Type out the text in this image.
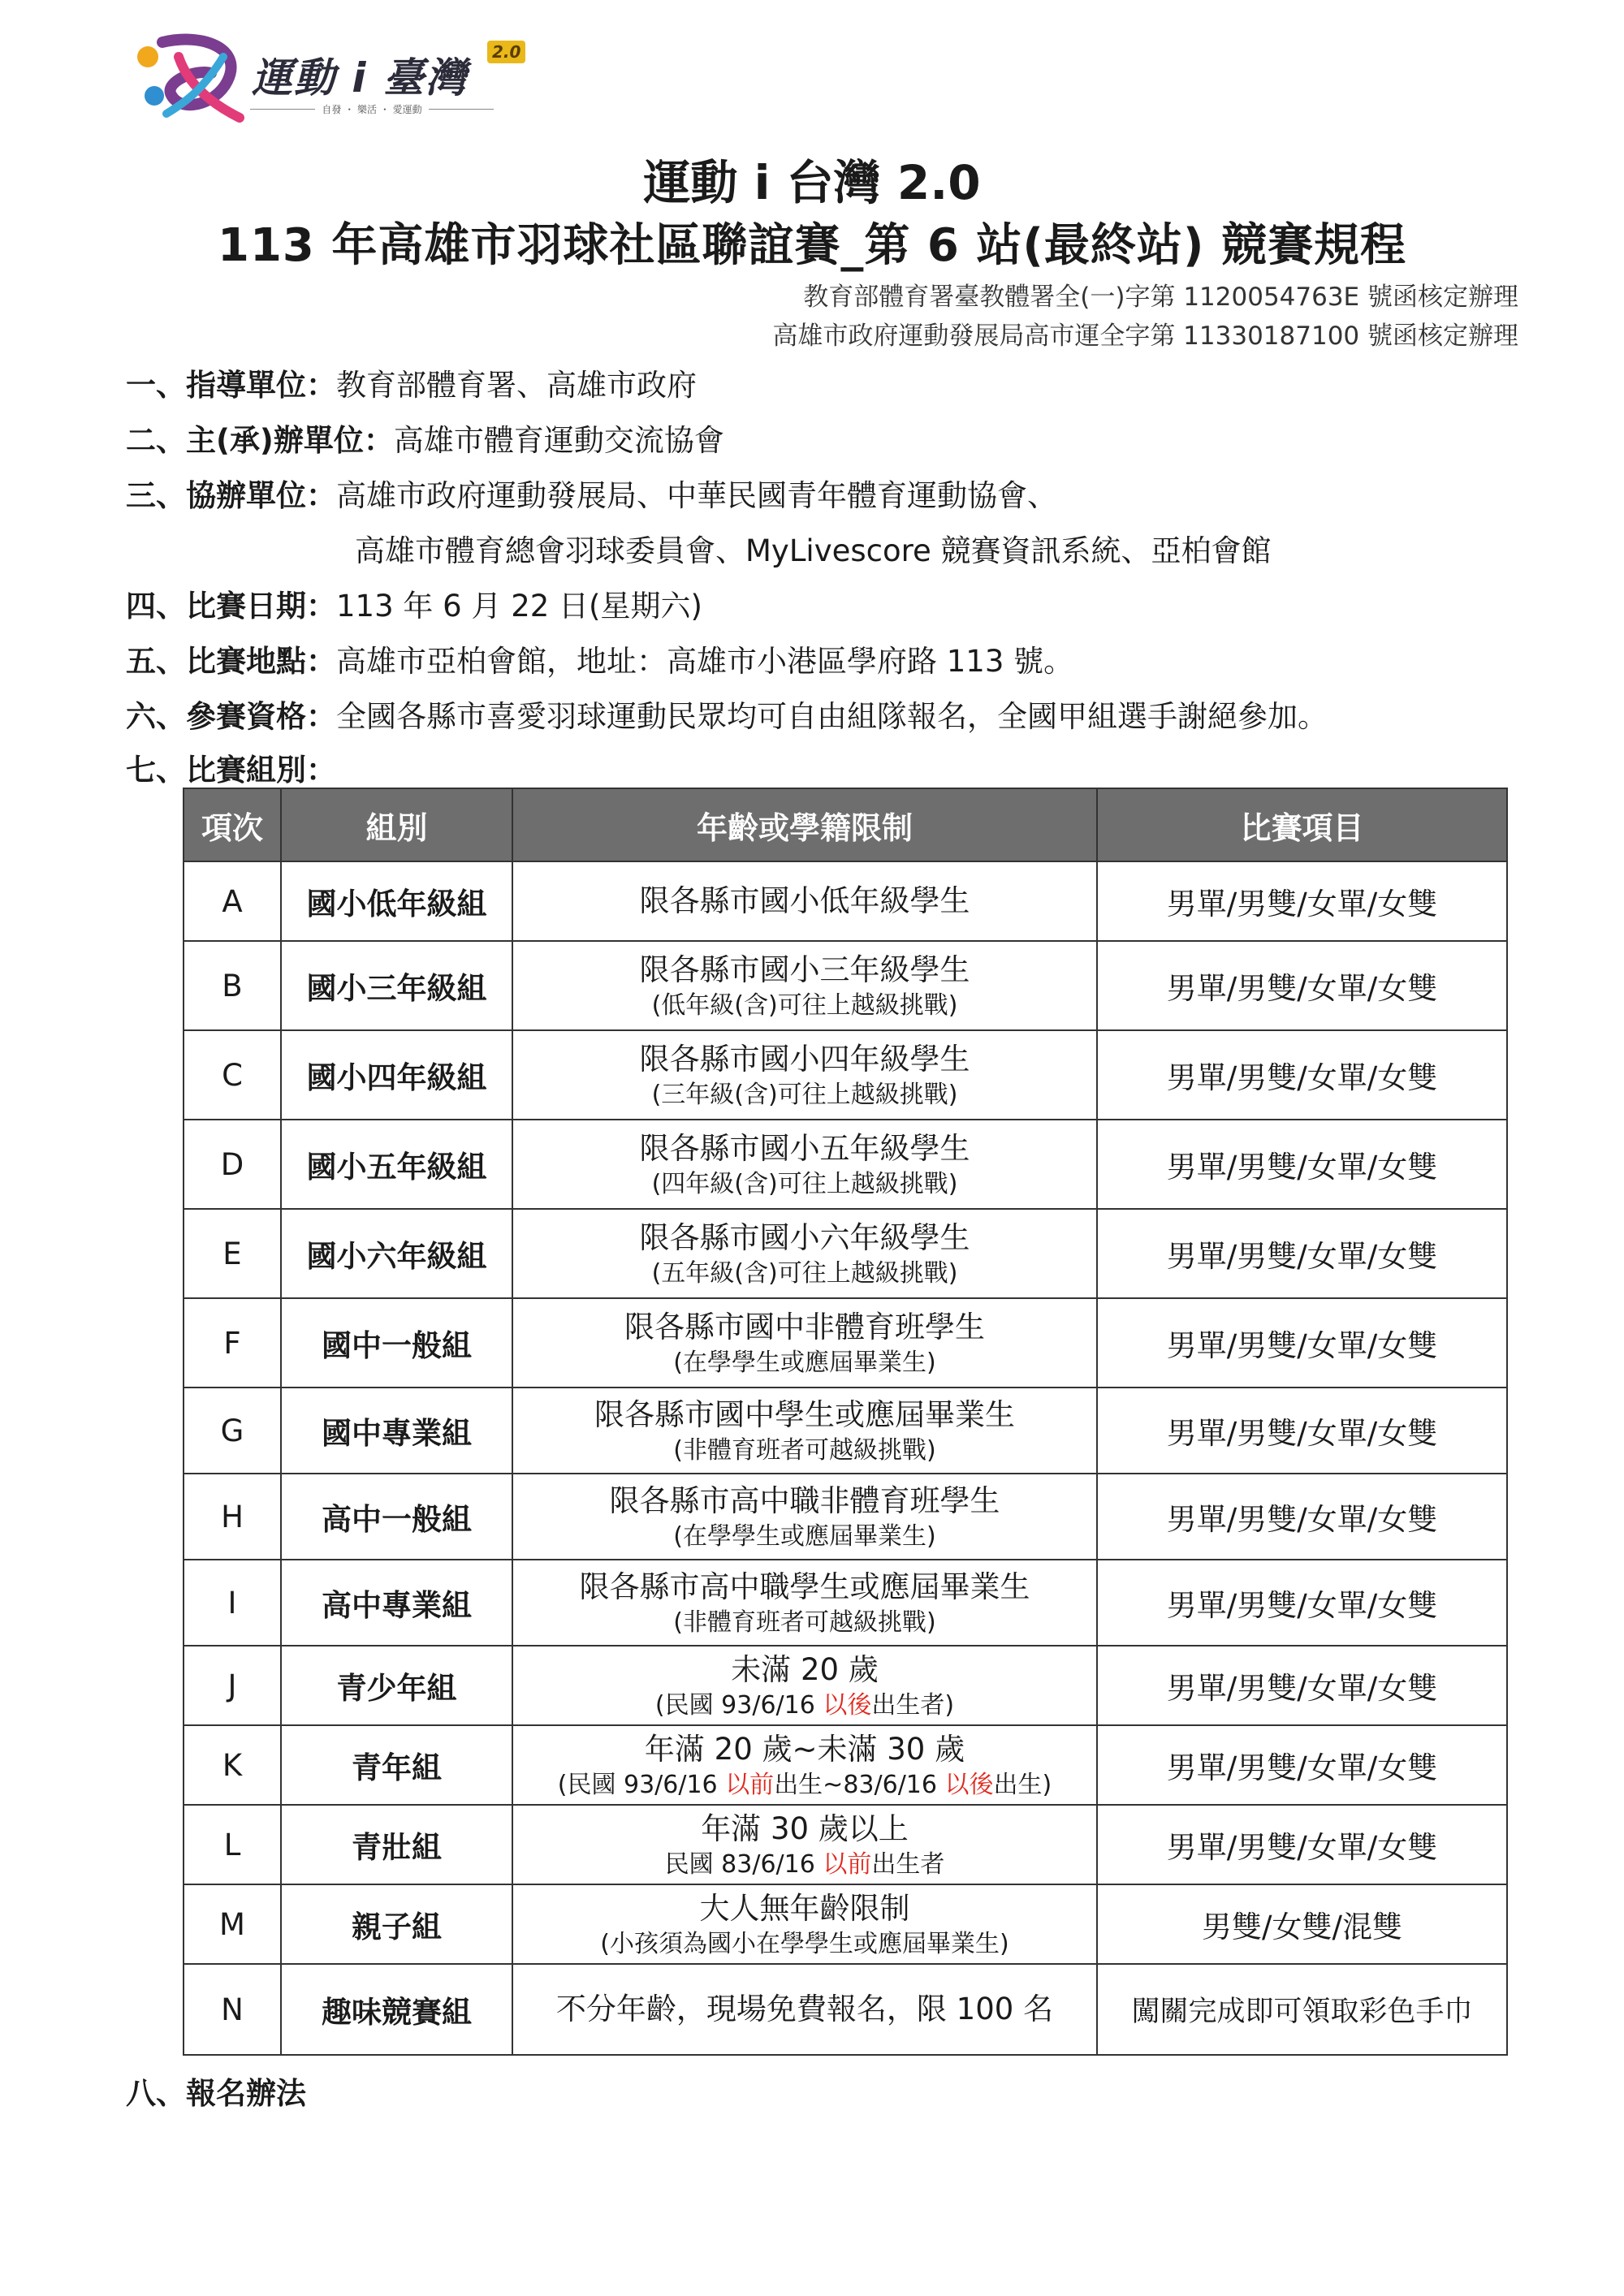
運動 i 臺灣
2.0
自發 ・ 樂活 ・ 愛運動
運動 i 台灣 2.0
113 年高雄市羽球社區聯誼賽_第 6 站(最終站) 競賽規程
教育部體育署臺教體署全(一)字第 1120054763E 號函核定辦理
高雄市政府運動發展局高市運全字第 11330187100 號函核定辦理
一、指導單位：教育部體育署、高雄市政府
二、主(承)辦單位：高雄市體育運動交流協會
三、協辦單位：高雄市政府運動發展局、中華民國青年體育運動協會、
高雄市體育總會羽球委員會、MyLivescore 競賽資訊系統、亞柏會館
四、比賽日期：113 年 6 月 22 日(星期六)
五、比賽地點：高雄市亞柏會館，地址：高雄市小港區學府路 113 號。
六、參賽資格：全國各縣市喜愛羽球運動民眾均可自由組隊報名，全國甲組選手謝絕參加。
七、比賽組別：
項次	組別	年齡或學籍限制	比賽項目
A	國小低年級組	限各縣市國小低年級學生	男單/男雙/女單/女雙
B	國小三年級組	限各縣市國小三年級學生
(低年級(含)可往上越級挑戰)	男單/男雙/女單/女雙
C	國小四年級組	限各縣市國小四年級學生
(三年級(含)可往上越級挑戰)	男單/男雙/女單/女雙
D	國小五年級組	限各縣市國小五年級學生
(四年級(含)可往上越級挑戰)	男單/男雙/女單/女雙
E	國小六年級組	限各縣市國小六年級學生
(五年級(含)可往上越級挑戰)	男單/男雙/女單/女雙
F	國中一般組	限各縣市國中非體育班學生
(在學學生或應屆畢業生)	男單/男雙/女單/女雙
G	國中專業組	限各縣市國中學生或應屆畢業生
(非體育班者可越級挑戰)	男單/男雙/女單/女雙
H	高中一般組	限各縣市高中職非體育班學生
(在學學生或應屆畢業生)	男單/男雙/女單/女雙
I	高中專業組	限各縣市高中職學生或應屆畢業生
(非體育班者可越級挑戰)	男單/男雙/女單/女雙
J	青少年組	未滿 20 歲
(民國 93/6/16 以後出生者)	男單/男雙/女單/女雙
K	青年組	年滿 20 歲~未滿 30 歲
(民國 93/6/16 以前出生~83/6/16 以後出生)	男單/男雙/女單/女雙
L	青壯組	年滿 30 歲以上
民國 83/6/16 以前出生者	男單/男雙/女單/女雙
M	親子組	大人無年齡限制
(小孩須為國小在學學生或應屆畢業生)	男雙/女雙/混雙
N	趣味競賽組	不分年齡，現場免費報名，限 100 名	闖關完成即可領取彩色手巾
八、報名辦法
